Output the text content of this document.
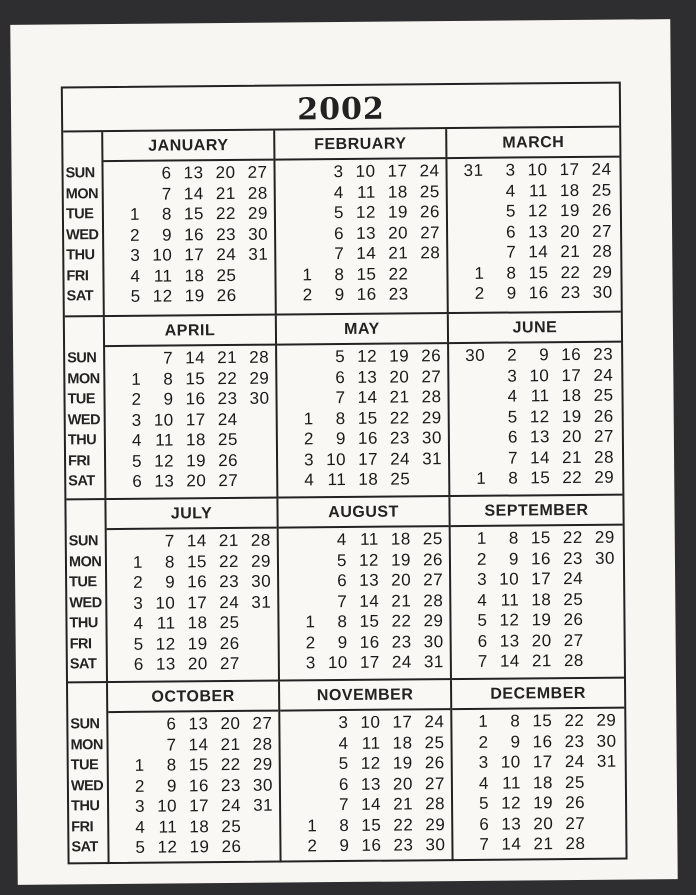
2002
SUN
MON
TUE
WED
THU
FRI
SAT
JANUARY
1
2
3
4
5
6
7
8
9
10
11
12
13
14
15
16
17
18
19
20
21
22
23
24
25
26
27
28
29
30
31
FEBRUARY
1
2
3
4
5
6
7
8
9
10
11
12
13
14
15
16
17
18
19
20
21
22
23
24
25
26
27
28
MARCH
31
1
2
3
4
5
6
7
8
9
10
11
12
13
14
15
16
17
18
19
20
21
22
23
24
25
26
27
28
29
30
SUN
MON
TUE
WED
THU
FRI
SAT
APRIL
1
2
3
4
5
6
7
8
9
10
11
12
13
14
15
16
17
18
19
20
21
22
23
24
25
26
27
28
29
30
MAY
1
2
3
4
5
6
7
8
9
10
11
12
13
14
15
16
17
18
19
20
21
22
23
24
25
26
27
28
29
30
31
JUNE
30
1
2
3
4
5
6
7
8
9
10
11
12
13
14
15
16
17
18
19
20
21
22
23
24
25
26
27
28
29
SUN
MON
TUE
WED
THU
FRI
SAT
JULY
1
2
3
4
5
6
7
8
9
10
11
12
13
14
15
16
17
18
19
20
21
22
23
24
25
26
27
28
29
30
31
AUGUST
1
2
3
4
5
6
7
8
9
10
11
12
13
14
15
16
17
18
19
20
21
22
23
24
25
26
27
28
29
30
31
SEPTEMBER
1
2
3
4
5
6
7
8
9
10
11
12
13
14
15
16
17
18
19
20
21
22
23
24
25
26
27
28
29
30
SUN
MON
TUE
WED
THU
FRI
SAT
OCTOBER
1
2
3
4
5
6
7
8
9
10
11
12
13
14
15
16
17
18
19
20
21
22
23
24
25
26
27
28
29
30
31
NOVEMBER
1
2
3
4
5
6
7
8
9
10
11
12
13
14
15
16
17
18
19
20
21
22
23
24
25
26
27
28
29
30
DECEMBER
1
2
3
4
5
6
7
8
9
10
11
12
13
14
15
16
17
18
19
20
21
22
23
24
25
26
27
28
29
30
31
